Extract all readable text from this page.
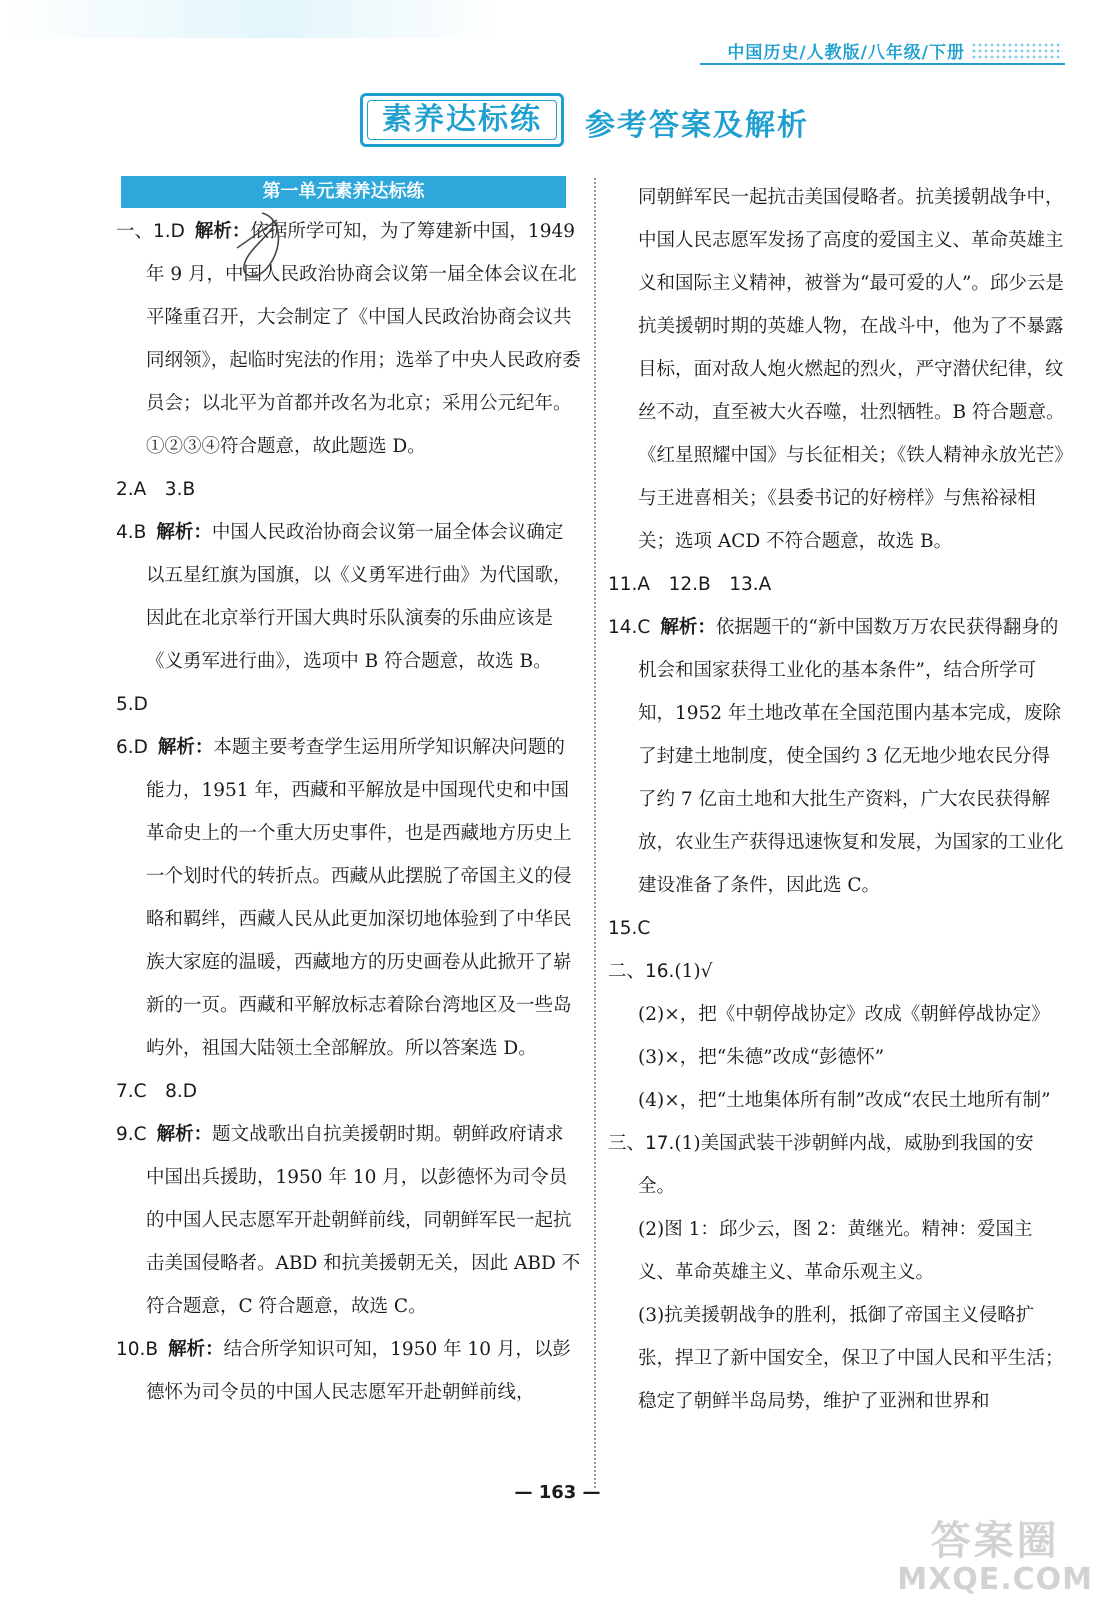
中国历史/人教版/八年级/下册
素养达标练	参考答案及解析
第一单元素养达标练

一、1.D 解析：依据所学可知，为了筹建新中国，1949 年 9 月，中国人民政治协商会议第一届全体会议在北平隆重召开，大会制定了《中国人民政治协商会议共同纲领》，起临时宪法的作用；选举了中央人民政府委员会；以北平为首都并改名为北京；采用公元纪年。①②③④符合题意，故此题选 D。

2.A　3.B

4.B 解析：中国人民政治协商会议第一届全体会议确定以五星红旗为国旗，以《义勇军进行曲》为代国歌，因此在北京举行开国大典时乐队演奏的乐曲应该是《义勇军进行曲》，选项中 B 符合题意，故选 B。

5.D

6.D 解析：本题主要考查学生运用所学知识解决问题的能力，1951 年，西藏和平解放是中国现代史和中国革命史上的一个重大历史事件，也是西藏地方历史上一个划时代的转折点。西藏从此摆脱了帝国主义的侵略和羁绊，西藏人民从此更加深切地体验到了中华民族大家庭的温暖，西藏地方的历史画卷从此掀开了崭新的一页。西藏和平解放标志着除台湾地区及一些岛屿外，祖国大陆领土全部解放。所以答案选 D。

7.C　8.D

9.C 解析：题文战歌出自抗美援朝时期。朝鲜政府请求中国出兵援助，1950 年 10 月，以彭德怀为司令员的中国人民志愿军开赴朝鲜前线，同朝鲜军民一起抗击美国侵略者。ABD 和抗美援朝无关，因此 ABD 不符合题意，C 符合题意，故选 C。

10.B 解析：结合所学知识可知，1950 年 10 月，以彭德怀为司令员的中国人民志愿军开赴朝鲜前线，

同朝鲜军民一起抗击美国侵略者。抗美援朝战争中，中国人民志愿军发扬了高度的爱国主义、革命英雄主义和国际主义精神，被誉为“最可爱的人”。邱少云是抗美援朝时期的英雄人物，在战斗中，他为了不暴露目标，面对敌人炮火燃起的烈火，严守潜伏纪律，纹丝不动，直至被大火吞噬，壮烈牺牲。B 符合题意。《红星照耀中国》与长征相关；《铁人精神永放光芒》与王进喜相关；《县委书记的好榜样》与焦裕禄相关；选项 ACD 不符合题意，故选 B。

11.A　12.B　13.A

14.C 解析：依据题干的“新中国数万万农民获得翻身的机会和国家获得工业化的基本条件”，结合所学可知，1952 年土地改革在全国范围内基本完成，废除了封建土地制度，使全国约 3 亿无地少地农民分得了约 7 亿亩土地和大批生产资料，广大农民获得解放，农业生产获得迅速恢复和发展，为国家的工业化建设准备了条件，因此选 C。

15.C

二、16.(1)√

(2)×，把《中朝停战协定》改成《朝鲜停战协定》

(3)×，把“朱德”改成“彭德怀”

(4)×，把“土地集体所有制”改成“农民土地所有制”

三、17.(1)美国武装干涉朝鲜内战，威胁到我国的安全。

(2)图 1：邱少云，图 2：黄继光。精神：爱国主义、革命英雄主义、革命乐观主义。

(3)抗美援朝战争的胜利，抵御了帝国主义侵略扩张，捍卫了新中国安全，保卫了中国人民和平生活；稳定了朝鲜半岛局势，维护了亚洲和世界和

— 163 —
答案圈
MXQE.COM
